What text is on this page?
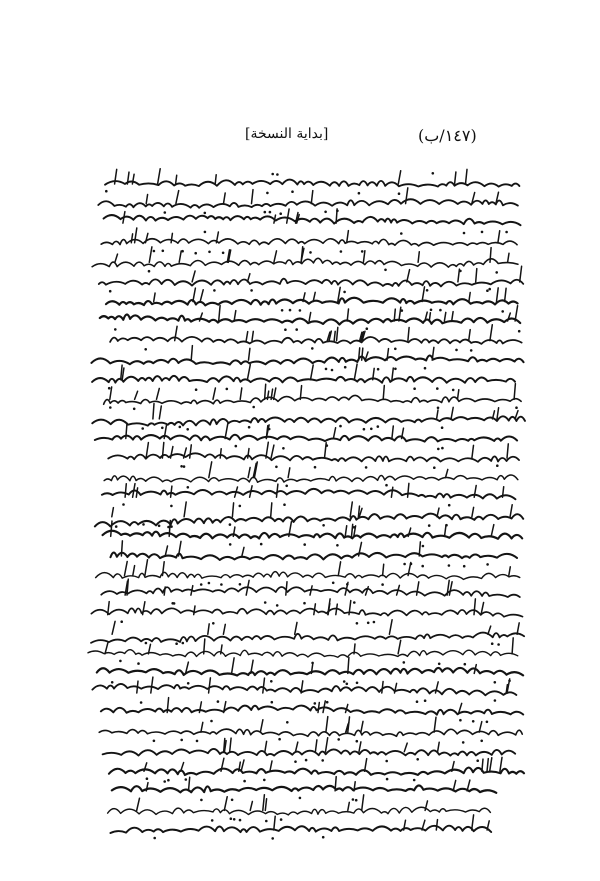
[بداية النسخة]	(١٤٧/ب)
